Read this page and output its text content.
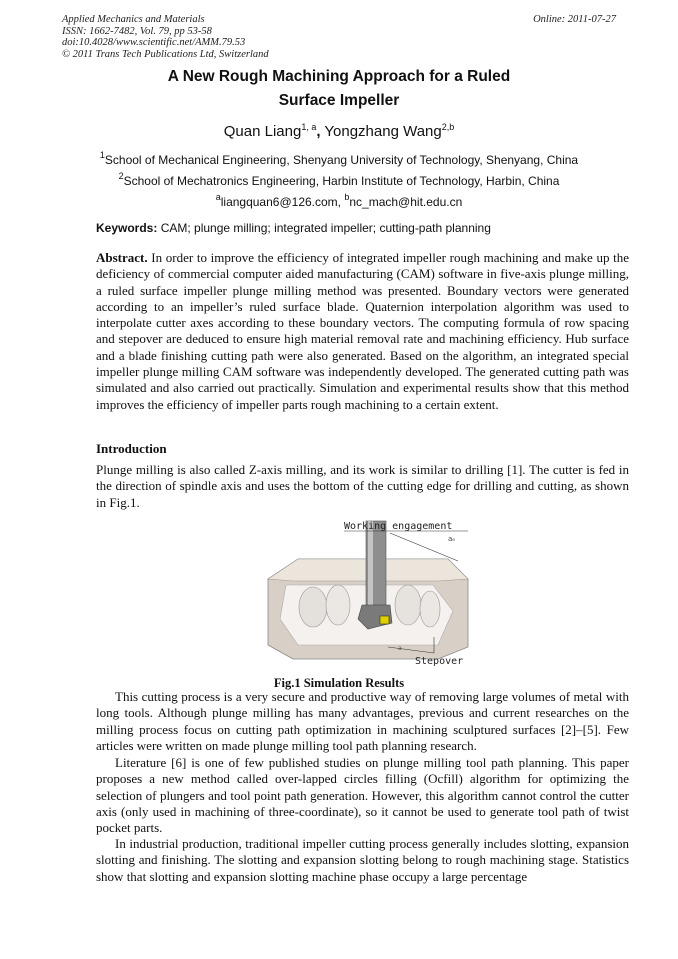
Applied Mechanics and Materials
ISSN: 1662-7482, Vol. 79, pp 53-58
doi:10.4028/www.scientific.net/AMM.79.53
© 2011 Trans Tech Publications Ltd, Switzerland
Online: 2011-07-27
A New Rough Machining Approach for a Ruled
Surface Impeller
Quan Liang$^{1, a}$, Yongzhang Wang$^{2,b}$
$^1$School of Mechanical Engineering, Shenyang University of Technology, Shenyang, China
$^2$School of Mechatronics Engineering, Harbin Institute of Technology, Harbin, China
$^a$liangquan6@126.com, $^b$nc_mach@hit.edu.cn
Keywords: CAM; plunge milling; integrated impeller; cutting-path planning
Abstract. In order to improve the efficiency of integrated impeller rough machining and make up the deficiency of commercial computer aided manufacturing (CAM) software in five-axis plunge milling, a ruled surface impeller plunge milling method was presented. Boundary vectors were generated according to an impeller’s ruled surface blade. Quaternion interpolation algorithm was used to interpolate cutter axes according to these boundary vectors. The computing formula of row spacing and stepover are deduced to ensure high material removal rate and machining efficiency. Hub surface and a blade finishing cutting path were also generated. Based on the algorithm, an integrated special impeller plunge milling CAM software was independently developed. The generated cutting path was simulated and also carried out practically. Simulation and experimental results show that this method improves the efficiency of impeller parts rough machining to a certain extent.
Introduction
Plunge milling is also called Z-axis milling, and its work is similar to drilling [1]. The cutter is fed in the direction of spindle axis and uses the bottom of the cutting edge for drilling and cutting, as shown in Fig.1.
Working engagement
aₑ
a
Stepover
Fig.1 Simulation Results
This cutting process is a very secure and productive way of removing large volumes of metal with long tools. Although plunge milling has many advantages, previous and current researches on the milling process focus on cutting path optimization in machining sculptured surfaces [2]–[5]. Few articles were written on made plunge milling tool path planning research.
Literature [6] is one of few published studies on plunge milling tool path planning. This paper proposes a new method called over-lapped circles filling (Ocfill) algorithm for optimizing the selection of plungers and tool point path generation. However, this algorithm cannot control the cutter axis (only used in machining of three-coordinate), so it cannot be used to generate tool path of twist pocket parts.
In industrial production, traditional impeller cutting process generally includes slotting, expansion slotting and finishing. The slotting and expansion slotting belong to rough machining stage. Statistics show that slotting and expansion slotting machine phase occupy a large percentage
